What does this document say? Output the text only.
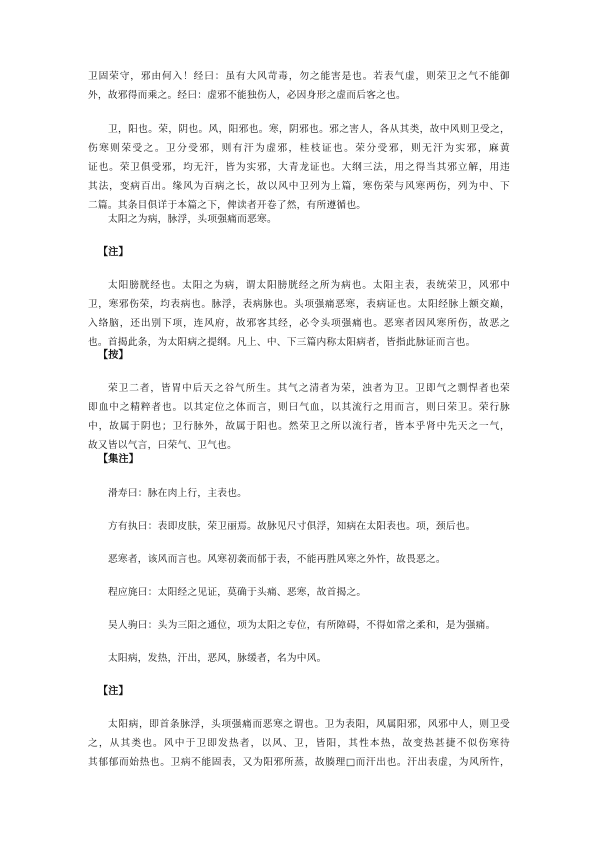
卫固荣守，邪由何入！经曰：虽有大风苛毒，勿之能害是也。若表气虚，则荣卫之气不能御
外，故邪得而乘之。经曰：虚邪不能独伤人，必因身形之虚而后客之也。
卫，阳也。荣，阴也。风，阳邪也。寒，阴邪也。邪之害人，各从其类，故中风则卫受之，
伤寒则荣受之。卫分受邪，则有汗为虚邪，桂枝证也。荣分受邪，则无汗为实邪，麻黄
证也。荣卫俱受邪，均无汗，皆为实邪，大青龙证也。大纲三法，用之得当其邪立解，用违
其法，变病百出。缘风为百病之长，故以风中卫列为上篇，寒伤荣与风寒两伤，列为中、下
二篇。其条目俱详于本篇之下，俾读者开卷了然，有所遵循也。
太阳之为病，脉浮，头项强痛而恶寒。
【注】
太阳膀胱经也。太阳之为病，谓太阳膀胱经之所为病也。太阳主表，表统荣卫，风邪中
卫，寒邪伤荣，均表病也。脉浮，表病脉也。头项强痛恶寒，表病证也。太阳经脉上额交巅，
入络脑，还出别下项，连风府，故邪客其经，必令头项强痛也。恶寒者因风寒所伤，故恶之
也。首揭此条，为太阳病之提纲。凡上、中、下三篇内称太阳病者，皆指此脉证而言也。
【按】
荣卫二者，皆胃中后天之谷气所生。其气之清者为荣，浊者为卫。卫即气之剽悍者也荣
即血中之精粹者也。以其定位之体而言，则曰气血，以其流行之用而言，则曰荣卫。荣行脉
中，故属于阴也；卫行脉外，故属于阳也。然荣卫之所以流行者，皆本乎肾中先天之一气，
故又皆以气言，曰荣气、卫气也。
【集注】
滑寿曰：脉在肉上行，主表也。
方有执曰：表即皮肤，荣卫丽焉。故脉见尺寸俱浮，知病在太阳表也。项，颈后也。
恶寒者，该风而言也。风寒初袭而郁于表，不能再胜风寒之外忤，故畏恶之。
程应旄曰：太阳经之见证，莫确于头痛、恶寒，故首揭之。
吴人驹曰：头为三阳之通位，项为太阳之专位，有所障碍，不得如常之柔和，是为强痛。
太阳病，发热，汗出，恶风，脉缓者，名为中风。
【注】
太阳病，即首条脉浮，头项强痛而恶寒之谓也。卫为表阳，风属阳邪，风邪中人，则卫受
之，从其类也。风中于卫即发热者，以风、卫，皆阳，其性本热，故变热甚捷不似伤寒待
其郁郁而始热也。卫病不能固表，又为阳邪所蒸，故腠理□而汗出也。汗出表虚，为风所忤，
